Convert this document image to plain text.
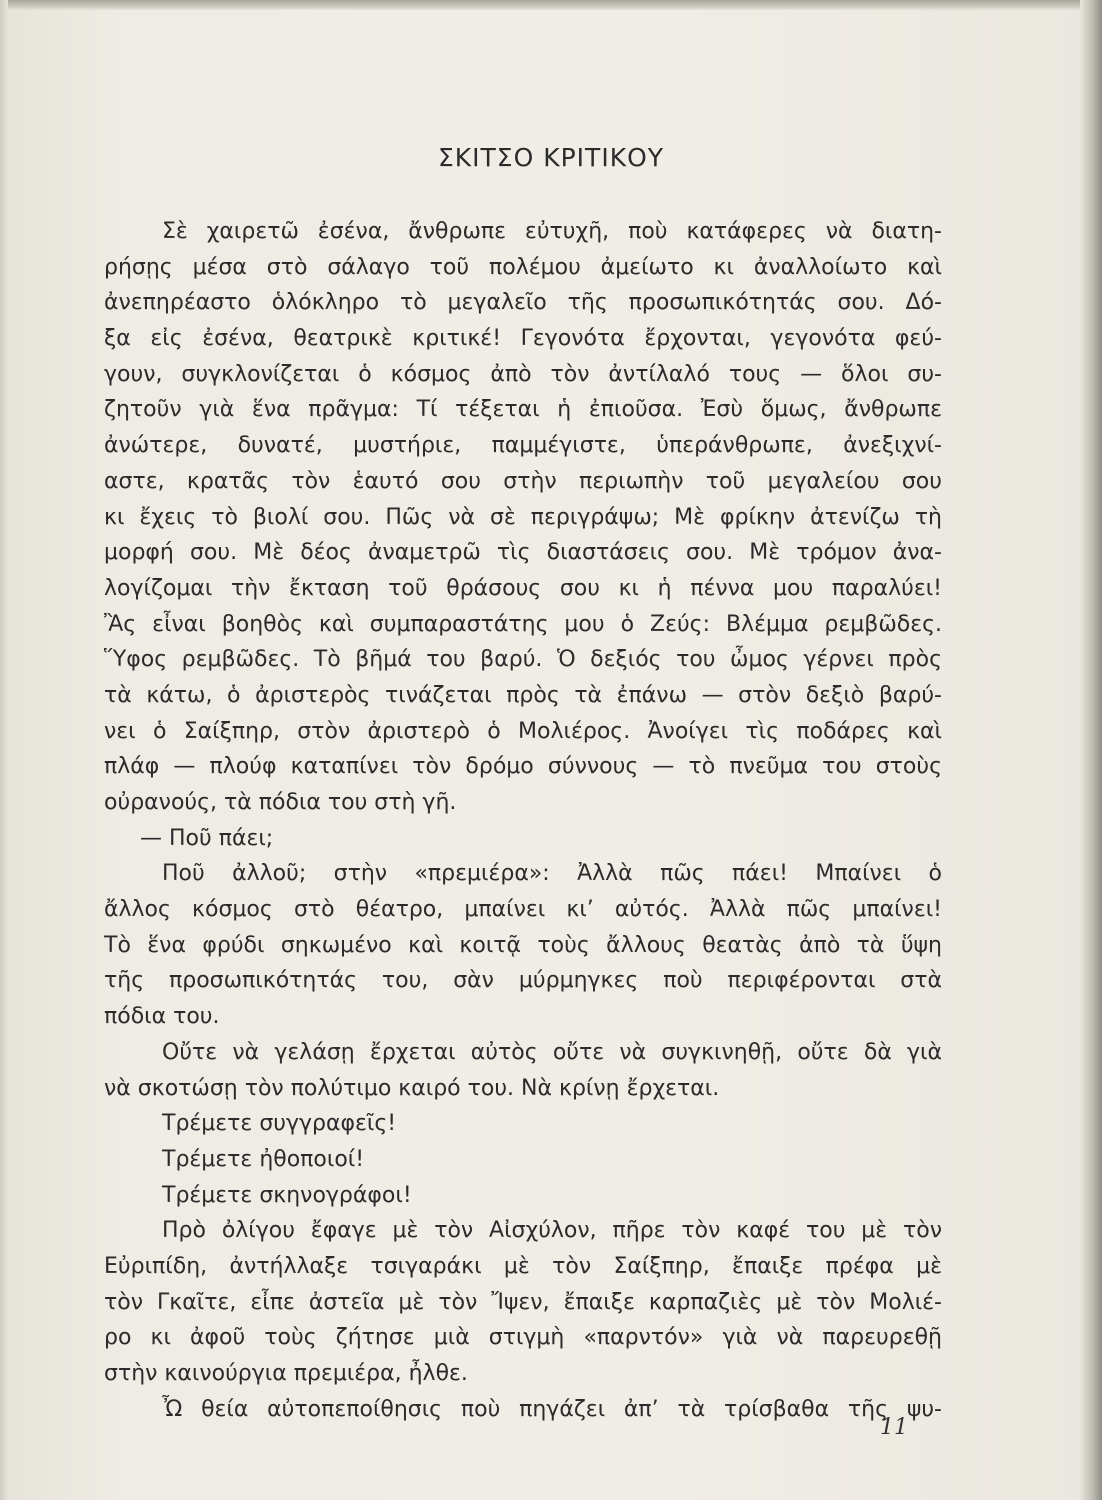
ΣΚΙΤΣΟ ΚΡΙΤΙΚΟΥ
Σὲ χαιρετῶ ἐσένα, ἄνθρωπε εὐτυχῆ, ποὺ κατάφερες νὰ διατη-
ρήσῃς μέσα στὸ σάλαγο τοῦ πολέμου ἀμείωτο κι ἀναλλοίωτο καὶ
ἀνεπηρέαστο ὁλόκληρο τὸ μεγαλεῖο τῆς προσωπικότητάς σου. Δό-
ξα εἰς ἐσένα, θεατρικὲ κριτικέ! Γεγονότα ἔρχονται, γεγονότα φεύ-
γουν, συγκλονίζεται ὁ κόσμος ἀπὸ τὸν ἀντίλαλό τους — ὅλοι συ-
ζητοῦν γιὰ ἕνα πρᾶγμα: Τί τέξεται ἡ ἐπιοῦσα. Ἐσὺ ὅμως, ἄνθρωπε
ἀνώτερε, δυνατέ, μυστήριε, παμμέγιστε, ὑπεράνθρωπε, ἀνεξιχνί-
αστε, κρατᾶς τὸν ἑαυτό σου στὴν περιωπὴν τοῦ μεγαλείου σου
κι ἔχεις τὸ βιολί σου. Πῶς νὰ σὲ περιγράψω; Μὲ φρίκην ἀτενίζω τὴ
μορφή σου. Μὲ δέος ἀναμετρῶ τὶς διαστάσεις σου. Μὲ τρόμον ἀνα-
λογίζομαι τὴν ἔκταση τοῦ θράσους σου κι ἡ πέννα μου παραλύει!
Ἂς εἶναι βοηθὸς καὶ συμπαραστάτης μου ὁ Ζεύς: Βλέμμα ρεμβῶδες.
Ὕφος ρεμβῶδες. Τὸ βῆμά του βαρύ. Ὁ δεξιός του ὦμος γέρνει πρὸς
τὰ κάτω, ὁ ἀριστερὸς τινάζεται πρὸς τὰ ἐπάνω — στὸν δεξιὸ βαρύ-
νει ὁ Σαίξπηρ, στὸν ἀριστερὸ ὁ Μολιέρος. Ἀνοίγει τὶς ποδάρες καὶ
πλάφ — πλούφ καταπίνει τὸν δρόμο σύννους — τὸ πνεῦμα του στοὺς
οὐρανούς, τὰ πόδια του στὴ γῆ.
— Ποῦ πάει;
Ποῦ ἀλλοῦ; στὴν «πρεμιέρα»: Ἀλλὰ πῶς πάει! Μπαίνει ὁ
ἄλλος κόσμος στὸ θέατρο, μπαίνει κι’ αὐτός. Ἀλλὰ πῶς μπαίνει!
Τὸ ἕνα φρύδι σηκωμένο καὶ κοιτᾷ τοὺς ἄλλους θεατὰς ἀπὸ τὰ ὕψη
τῆς προσωπικότητάς του, σὰν μύρμηγκες ποὺ περιφέρονται στὰ
πόδια του.
Οὔτε νὰ γελάσῃ ἔρχεται αὐτὸς οὔτε νὰ συγκινηθῇ, οὔτε δὰ γιὰ
νὰ σκοτώσῃ τὸν πολύτιμο καιρό του. Νὰ κρίνῃ ἔρχεται.
Τρέμετε συγγραφεῖς!
Τρέμετε ἠθοποιοί!
Τρέμετε σκηνογράφοι!
Πρὸ ὀλίγου ἔφαγε μὲ τὸν Αἰσχύλον, πῆρε τὸν καφέ του μὲ τὸν
Εὐριπίδη, ἀντήλλαξε τσιγαράκι μὲ τὸν Σαίξπηρ, ἔπαιξε πρέφα μὲ
τὸν Γκαῖτε, εἶπε ἀστεῖα μὲ τὸν Ἴψεν, ἔπαιξε καρπαζιὲς μὲ τὸν Μολιέ-
ρο κι ἀφοῦ τοὺς ζήτησε μιὰ στιγμὴ «παρντόν» γιὰ νὰ παρευρεθῇ
στὴν καινούργια πρεμιέρα, ἦλθε.
Ὦ θεία αὐτοπεποίθησις ποὺ πηγάζει ἀπ’ τὰ τρίσβαθα τῆς ψυ-
11
